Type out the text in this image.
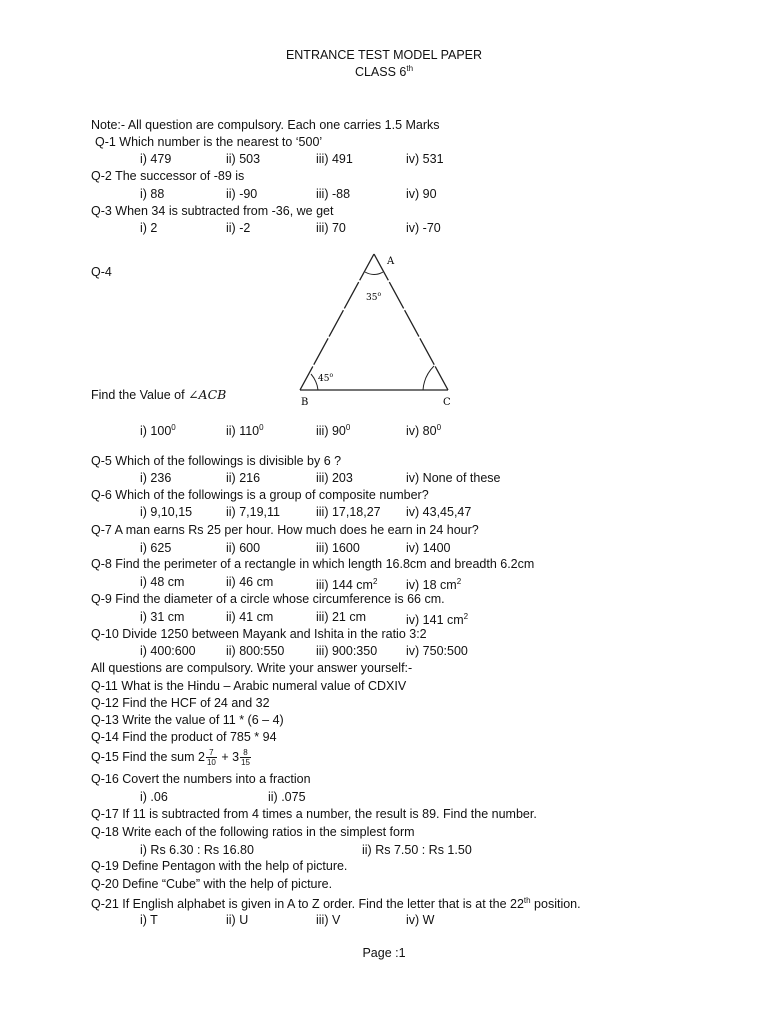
ENTRANCE TEST MODEL PAPER
CLASS 6th
Note:- All question are compulsory. Each one carries 1.5 Marks
Q-1 Which number is the nearest to ‘500’
i) 479	ii) 503	iii) 491	iv) 531
Q-2 The successor of -89 is
i) 88	ii) -90	iii) -88	iv) 90
Q-3 When 34 is subtracted from -36, we get
i) 2	ii) -2	iii) 70	iv) -70
Q-4
A
B	C
35$^o$
45$^o$
Find the Value of ∠ACB
i) $100^0$	ii) $110^0$	iii) $90^0$	iv) $80^0$
Q-5 Which of the followings is divisible by 6 ?
i) 236	ii) 216	iii) 203	iv) None of these
Q-6 Which of the followings is a group of composite number?
i) 9,10,15	ii) 7,19,11	iii) 17,18,27 iv) 43,45,47
Q-7 A man earns Rs 25 per hour. How much does he earn in 24 hour?
i) 625	ii) 600	iii) 1600	iv) 1400
Q-8 Find the perimeter of a rectangle in which length 16.8cm and breadth 6.2cm
i) 48 cm	ii) 46 cm	iii) 144 $cm^2$ iv) 18 $cm^2$
Q-9 Find the diameter of a circle whose circumference is 66 cm.
i) 31 cm	ii) 41 cm	iii) 21 cm	iv) 141 $cm^2$
Q-10 Divide 1250 between Mayank and Ishita in the ratio 3:2
i) 400:600 ii) 800:550	iii) 900:350 iv) 750:500
All questions are compulsory. Write your answer yourself:-
Q-11 What is the Hindu – Arabic numeral value of CDXIV
Q-12 Find the HCF of 24 and 32
Q-13 Write the value of 11 * (6 – 4)
Q-14 Find the product of 785 * 94
Q-15 Find the sum $2 \frac{7}{10} + 3 \frac{8}{15}$
Q-16 Covert the numbers into a fraction
i) .06	ii) .075
Q-17 If 11 is subtracted from 4 times a number, the result is 89. Find the number.
Q-18 Write each of the following ratios in the simplest form
i) Rs 6.30 : Rs 16.80	ii) Rs 7.50 : Rs 1.50
Q-19 Define Pentagon with the help of picture.
Q-20 Define “Cube” with the help of picture.
Q-21 If English alphabet is given in A to Z order. Find the letter that is at the 22th position.
i) T	ii) U	iii) V	iv) W
Page :1
